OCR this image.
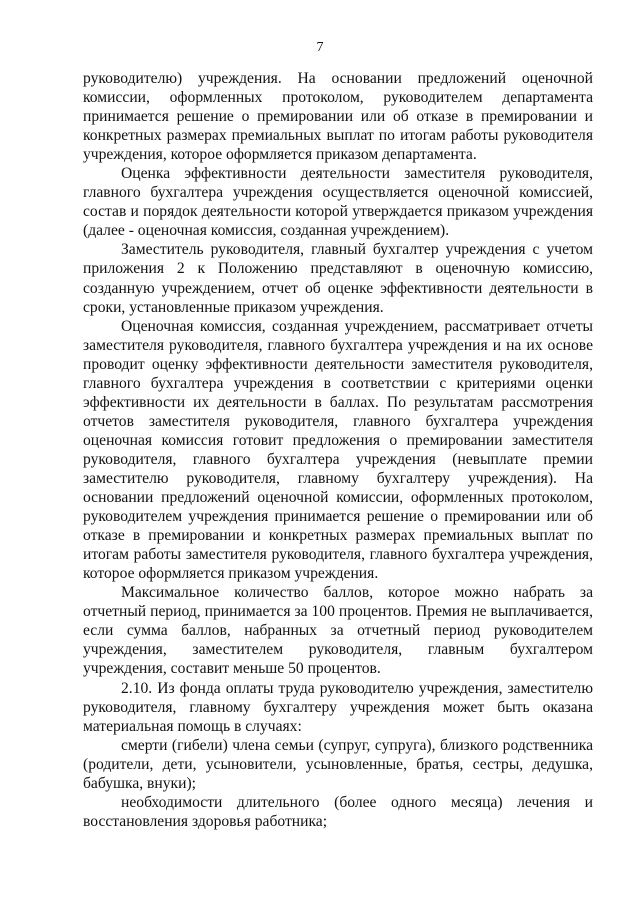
7

руководителю) учреждения. На основании предложений оценочной комиссии, оформленных протоколом, руководителем департамента принимается решение о премировании или об отказе в премировании и конкретных размерах премиальных выплат по итогам работы руководителя учреждения, которое оформляется приказом департамента.

Оценка эффективности деятельности заместителя руководителя, главного бухгалтера учреждения осуществляется оценочной комиссией, состав и порядок деятельности которой утверждается приказом учреждения (далее - оценочная комиссия, созданная учреждением).

Заместитель руководителя, главный бухгалтер учреждения с учетом приложения 2 к Положению представляют в оценочную комиссию, созданную учреждением, отчет об оценке эффективности деятельности в сроки, установленные приказом учреждения.

Оценочная комиссия, созданная учреждением, рассматривает отчеты заместителя руководителя, главного бухгалтера учреждения и на их основе проводит оценку эффективности деятельности заместителя руководителя, главного бухгалтера учреждения в соответствии с критериями оценки эффективности их деятельности в баллах. По результатам рассмотрения отчетов заместителя руководителя, главного бухгалтера учреждения оценочная комиссия готовит предложения о премировании заместителя руководителя, главного бухгалтера учреждения (невыплате премии заместителю руководителя, главному бухгалтеру учреждения). На основании предложений оценочной комиссии, оформленных протоколом, руководителем учреждения принимается решение о премировании или об отказе в премировании и конкретных размерах премиальных выплат по итогам работы заместителя руководителя, главного бухгалтера учреждения, которое оформляется приказом учреждения.

Максимальное количество баллов, которое можно набрать за отчетный период, принимается за 100 процентов. Премия не выплачивается, если сумма баллов, набранных за отчетный период руководителем учреждения, заместителем руководителя, главным бухгалтером учреждения, составит меньше 50 процентов.

2.10. Из фонда оплаты труда руководителю учреждения, заместителю руководителя, главному бухгалтеру учреждения может быть оказана материальная помощь в случаях:

смерти (гибели) члена семьи (супруг, супруга), близкого родственника (родители, дети, усыновители, усыновленные, братья, сестры, дедушка, бабушка, внуки);

необходимости длительного (более одного месяца) лечения и восстановления здоровья работника;
